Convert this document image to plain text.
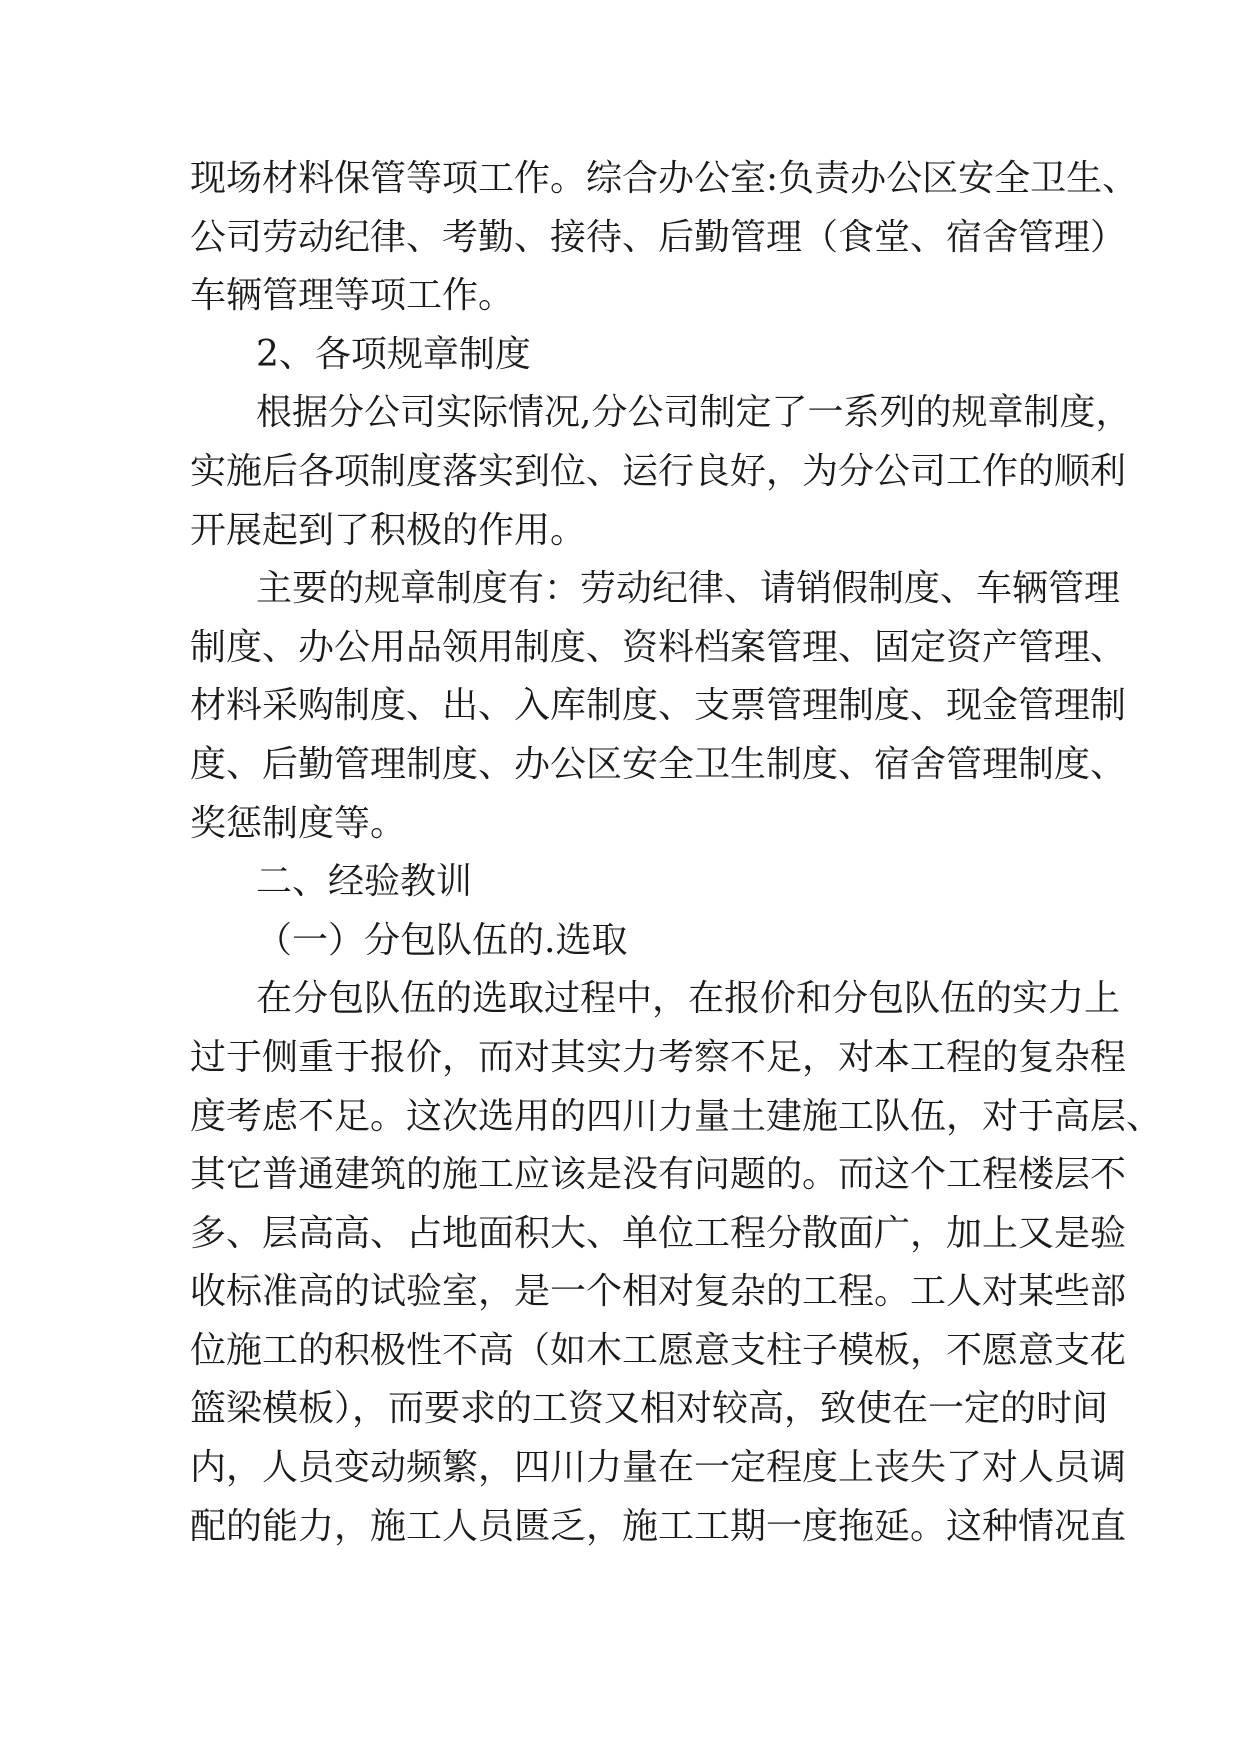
现场材料保管等项工作。综合办公室:负责办公区安全卫生、
公司劳动纪律、考勤、接待、后勤管理（食堂、宿舍管理）
车辆管理等项工作。
2、各项规章制度
根据分公司实际情况,分公司制定了一系列的规章制度，
实施后各项制度落实到位、运行良好，为分公司工作的顺利
开展起到了积极的作用。
主要的规章制度有：劳动纪律、请销假制度、车辆管理
制度、办公用品领用制度、资料档案管理、固定资产管理、
材料采购制度、出、入库制度、支票管理制度、现金管理制
度、后勤管理制度、办公区安全卫生制度、宿舍管理制度、
奖惩制度等。
二、经验教训
（一）分包队伍的.选取
在分包队伍的选取过程中，在报价和分包队伍的实力上
过于侧重于报价，而对其实力考察不足，对本工程的复杂程
度考虑不足。这次选用的四川力量土建施工队伍，对于高层、
其它普通建筑的施工应该是没有问题的。而这个工程楼层不
多、层高高、占地面积大、单位工程分散面广，加上又是验
收标准高的试验室，是一个相对复杂的工程。工人对某些部
位施工的积极性不高（如木工愿意支柱子模板，不愿意支花
篮梁模板），而要求的工资又相对较高，致使在一定的时间
内，人员变动频繁，四川力量在一定程度上丧失了对人员调
配的能力，施工人员匮乏，施工工期一度拖延。这种情况直
